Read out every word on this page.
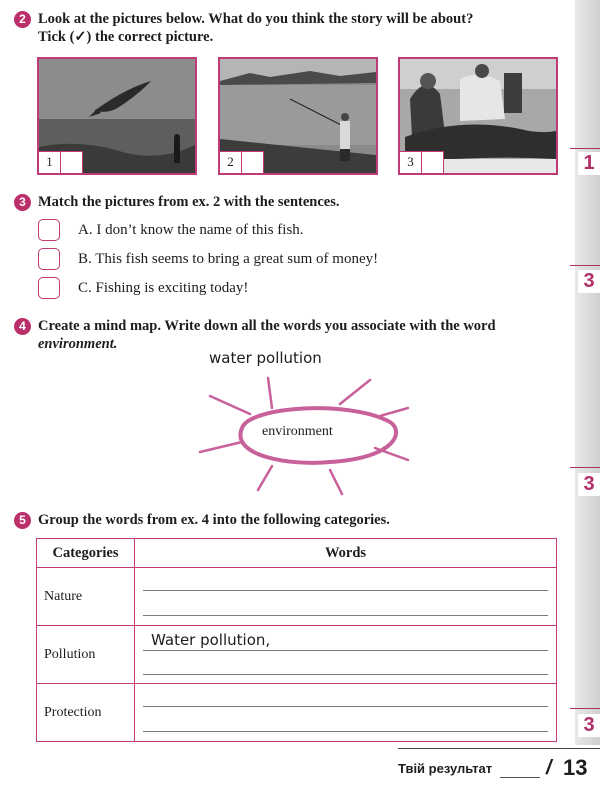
1
3
3
3
2 Look at the pictures below. What do you think the story will be about?
Tick (✓) the correct picture.
1	2	3
3 Match the pictures from ex. 2 with the sentences.
A. I don’t know the name of this fish.
B. This fish seems to bring a great sum of money!
C. Fishing is exciting today!
4 Create a mind map. Write down all the words you associate with the word
environment.
water pollution
environment
5 Group the words from ex. 4 into the following categories.
Categories	Words
Nature	

Pollution	Water pollution,

Protection	
Твій результат	/ 13
